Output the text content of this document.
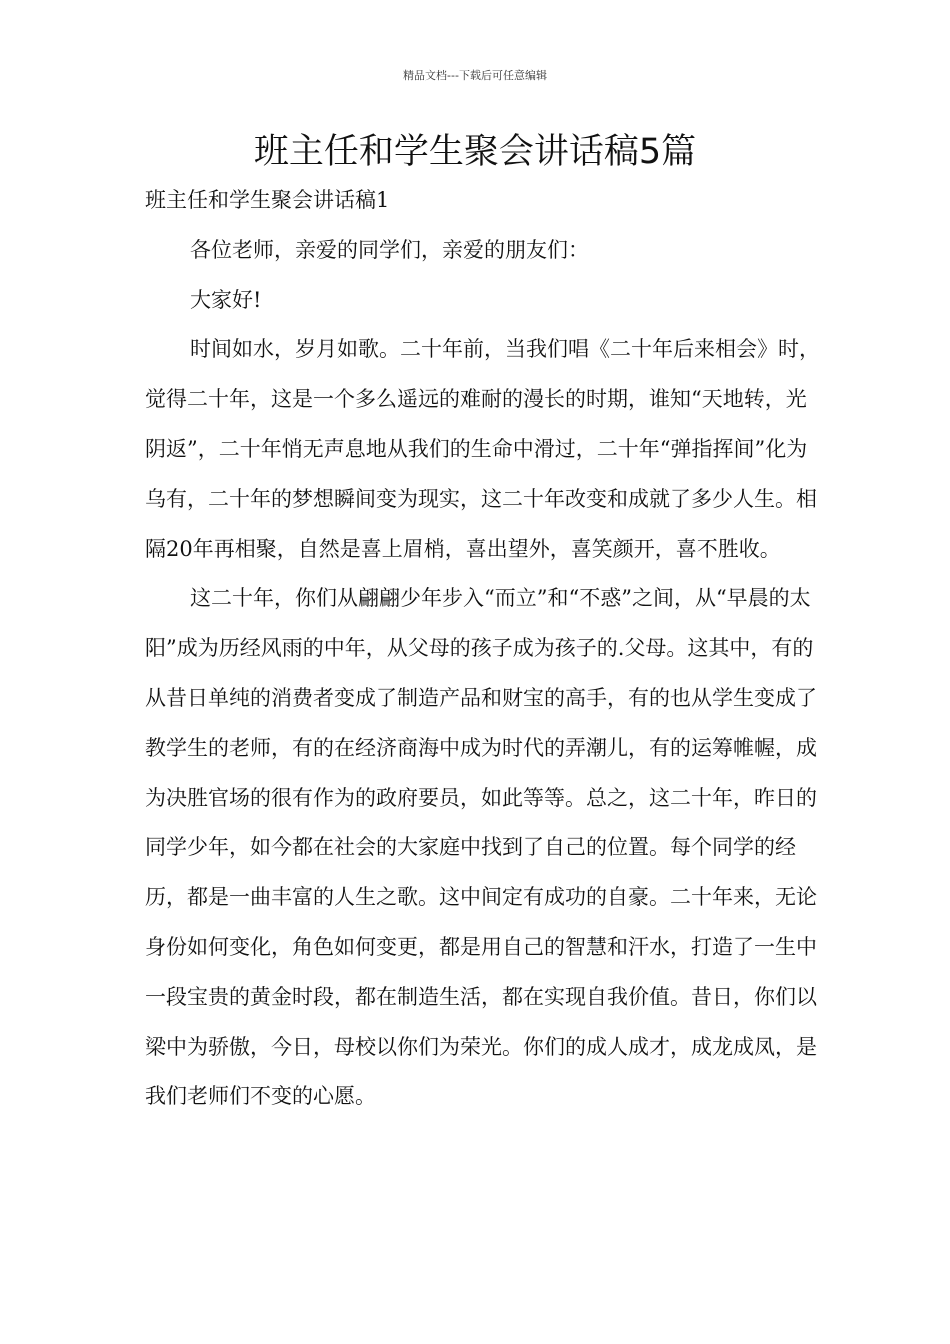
精品文档---下载后可任意编辑
班主任和学生聚会讲话稿5篇

班主任和学生聚会讲话稿1

各位老师，亲爱的同学们，亲爱的朋友们：

大家好!

时间如水，岁月如歌。二十年前，当我们唱《二十年后来相会》时，觉得二十年，这是一个多么遥远的难耐的漫长的时期，谁知“天地转，光阴返”，二十年悄无声息地从我们的生命中滑过，二十年“弹指挥间”化为乌有，二十年的梦想瞬间变为现实，这二十年改变和成就了多少人生。相隔20年再相聚，自然是喜上眉梢，喜出望外，喜笑颜开，喜不胜收。

这二十年，你们从翩翩少年步入“而立”和“不惑”之间，从“早晨的太阳”成为历经风雨的中年，从父母的孩子成为孩子的.父母。这其中，有的从昔日单纯的消费者变成了制造产品和财宝的高手，有的也从学生变成了教学生的老师，有的在经济商海中成为时代的弄潮儿，有的运筹帷幄，成为决胜官场的很有作为的政府要员，如此等等。总之，这二十年，昨日的同学少年，如今都在社会的大家庭中找到了自己的位置。每个同学的经历，都是一曲丰富的人生之歌。这中间定有成功的自豪。二十年来，无论身份如何变化，角色如何变更，都是用自己的智慧和汗水，打造了一生中一段宝贵的黄金时段，都在制造生活，都在实现自我价值。昔日，你们以梁中为骄傲，今日，母校以你们为荣光。你们的成人成才，成龙成凤，是我们老师们不变的心愿。
